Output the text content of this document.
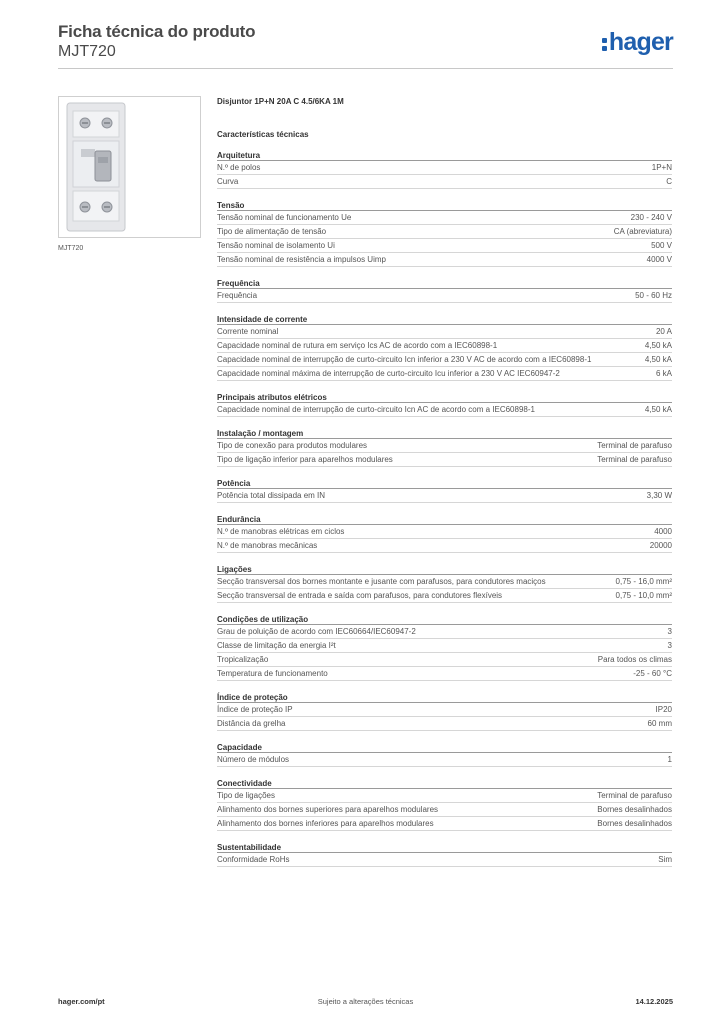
Ficha técnica do produto
MJT720	hager
MJT720
Disjuntor 1P+N 20A C 4.5/6KA 1M
Características técnicas
Arquitetura
N.º de polos	1P+N
Curva	C
Tensão
Tensão nominal de funcionamento Ue	230 - 240 V
Tipo de alimentação de tensão	CA (abreviatura)
Tensão nominal de isolamento Ui	500 V
Tensão nominal de resistência a impulsos Uimp	4000 V
Frequência
Frequência	50 - 60 Hz
Intensidade de corrente
Corrente nominal	20 A
Capacidade nominal de rutura em serviço Ics AC de acordo com a IEC60898-1	4,50 kA
Capacidade nominal de interrupção de curto-circuito Icn inferior a 230 V AC de acordo com a IEC60898-1	4,50 kA
Capacidade nominal máxima de interrupção de curto-circuito Icu inferior a 230 V AC IEC60947-2	6 kA
Principais atributos elétricos
Capacidade nominal de interrupção de curto-circuito Icn AC de acordo com a IEC60898-1	4,50 kA
Instalação / montagem
Tipo de conexão para produtos modulares	Terminal de parafuso
Tipo de ligação inferior para aparelhos modulares	Terminal de parafuso
Potência
Potência total dissipada em IN	3,30 W
Endurância
N.º de manobras elétricas em ciclos	4000
N.º de manobras mecânicas	20000
Ligações
Secção transversal dos bornes montante e jusante com parafusos, para condutores maciços	0,75 - 16,0 mm²
Secção transversal de entrada e saída com parafusos, para condutores flexíveis	0,75 - 10,0 mm²
Condições de utilização
Grau de poluição de acordo com IEC60664/IEC60947-2	3
Classe de limitação da energia I²t	3
Tropicalização	Para todos os climas
Temperatura de funcionamento	-25 - 60 °C
Índice de proteção
Índice de proteção IP	IP20
Distância da grelha	60 mm
Capacidade
Número de módulos	1
Conectividade
Tipo de ligações	Terminal de parafuso
Alinhamento dos bornes superiores para aparelhos modulares	Bornes desalinhados
Alinhamento dos bornes inferiores para aparelhos modulares	Bornes desalinhados
Sustentabilidade
Conformidade RoHs	Sim
hager.com/pt	Sujeito a alterações técnicas	14.12.2025
